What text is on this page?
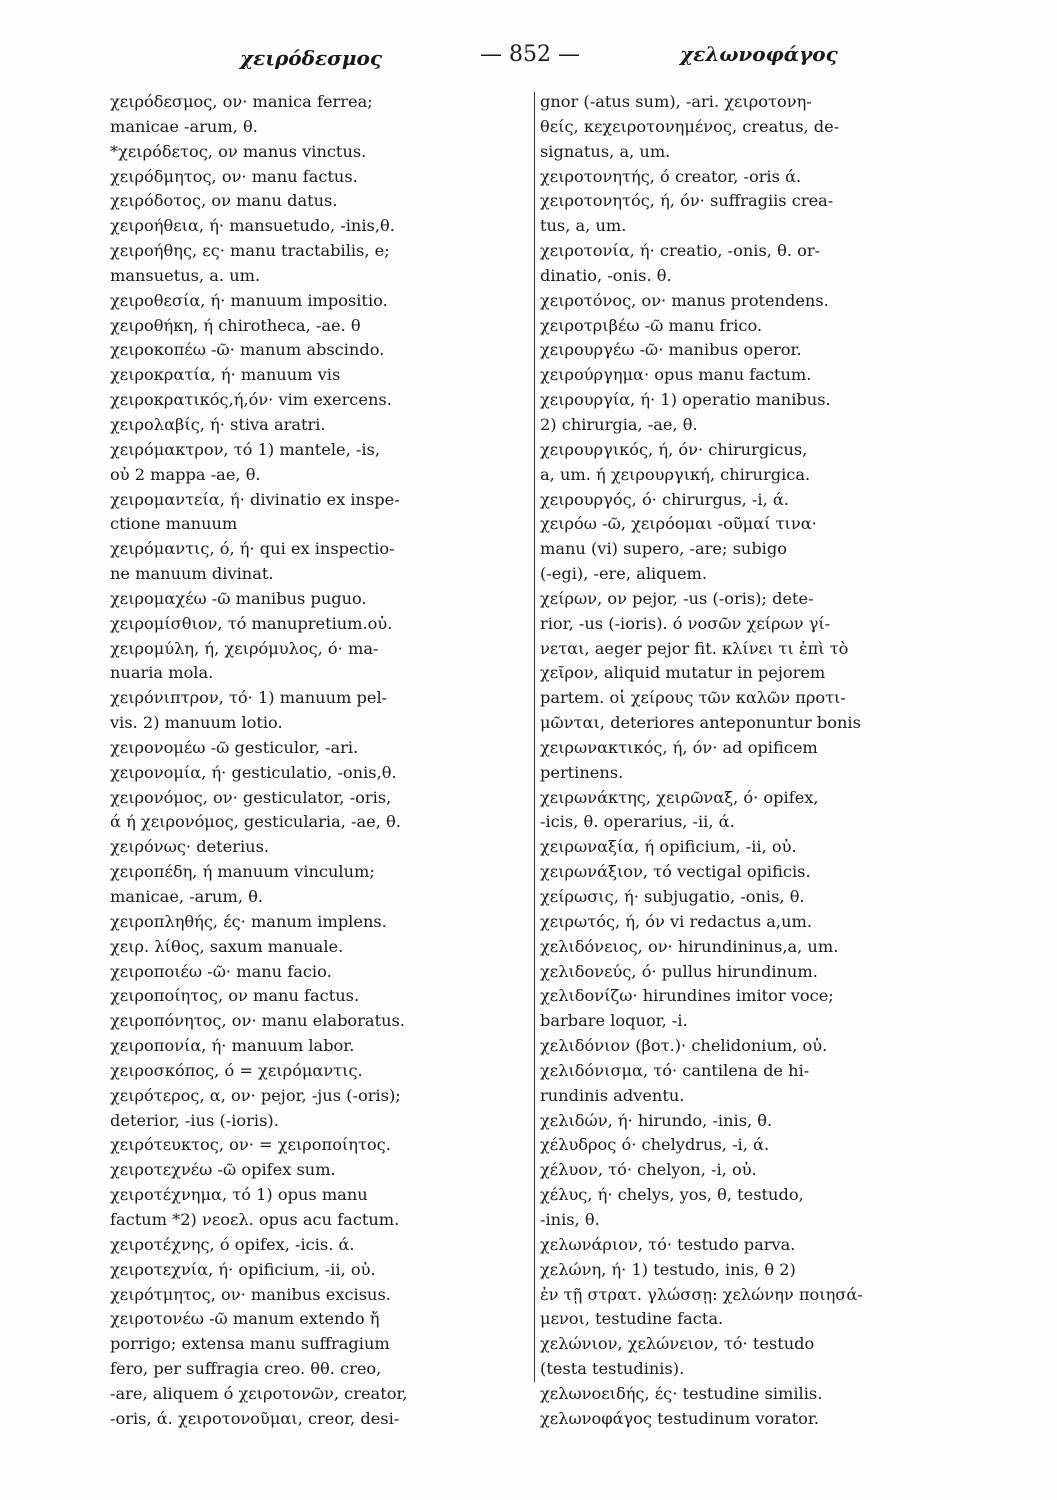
χειρόδεσμος	— 852 —	χελωνοφάγος
χειρόδεσμος, ον· manica ferrea;
manicae -arum, θ.
*χειρόδετος, ον manus vinctus.
χειρόδμητος, ον· manu factus.
χειρόδοτος, ον manu datus.
χειροήθεια, ή· mansuetudo, -inis,θ.
χειροήθης, ες· manu tractabilis, e;
mansuetus, a. um.
χειροθεσία, ή· manuum impositio.
χειροθήκη, ή chirotheca, -ae. θ
χειροκοπέω -ῶ· manum abscindo.
χειροκρατία, ή· manuum vis
χειροκρατικός,ή,όν· vim exercens.
χειρολαβίς, ή· stiva aratri.
χειρόμακτρον, τό 1) mantele, -is,
οὐ 2 mappa -ae, θ.
χειρομαντεία, ή· divinatio ex inspe-
ctione manuum
χειρόμαντις, ό, ή· qui ex inspectio-
ne manuum divinat.
χειρομαχέω -ῶ manibus puguo.
χειρομίσθιον, τό manupretium.οὐ.
χειρομύλη, ή, χειρόμυλος, ό· ma-
nuaria mola.
χειρόνιπτρον, τό· 1) manuum pel-
vis. 2) manuum lotio.
χειρονομέω -ῶ gesticulor, -ari.
χειρονομία, ή· gesticulatio, -onis,θ.
χειρονόμος, ον· gesticulator, -oris,
ά ή χειρονόμος, gesticularia, -ae, θ.
χειρόνως· deterius.
χειροπέδη, ή manuum vinculum;
manicae, -arum, θ.
χειροπληθής, ές· manum implens.
χειρ. λίθος, saxum manuale.
χειροποιέω -ῶ· manu facio.
χειροποίητος, ον manu factus.
χειροπόνητος, ον· manu elaboratus.
χειροπονία, ή· manuum labor.
χειροσκόπος, ό = χειρόμαντις.
χειρότερος, α, ον· pejor, -jus (-oris);
deterior, -ius (-ioris).
χειρότευκτος, ον· = χειροποίητος.
χειροτεχνέω -ῶ opifex sum.
χειροτέχνημα, τό 1) opus manu
factum *2) νεοελ. opus acu factum.
χειροτέχνης, ό opifex, -icis. ά.
χειροτεχνία, ή· opificium, -ii, οὐ.
χειρότμητος, ον· manibus excisus.
χειροτονέω -ῶ manum extendo ἤ
porrigo; extensa manu suffragium
fero, per suffragia creo. θθ. creo,
-are, aliquem ό χειροτονῶν, creator,
-oris, ά. χειροτονοῦμαι, creor, desi-
gnor (-atus sum), -ari. χειροτονη-
θείς, κεχειροτονημένος, creatus, de-
signatus, a, um.
χειροτονητής, ό creator, -oris ά.
χειροτονητός, ή, όν· suffragiis crea-
tus, a, um.
χειροτονία, ή· creatio, -onis, θ. or-
dinatio, -onis. θ.
χειροτόνος, ον· manus protendens.
χειροτριβέω -ῶ manu frico.
χειρουργέω -ῶ· manibus operor.
χειρούργημα· opus manu factum.
χειρουργία, ή· 1) operatio manibus.
2) chirurgia, -ae, θ.
χειρουργικός, ή, όν· chirurgicus,
a, um. ή χειρουργική, chirurgica.
χειρουργός, ό· chirurgus, -i, ά.
χειρόω -ῶ, χειρόομαι -οῦμαί τινα·
manu (vi) supero, -are; subigo
(-egi), -ere, aliquem.
χείρων, ον pejor, -us (-oris); dete-
rior, -us (-ioris). ό νοσῶν χείρων γί-
νεται, aeger pejor fit. κλίνει τι ἐπὶ τὸ
χεῖρον, aliquid mutatur in pejorem
partem. οἱ χείρους τῶν καλῶν προτι-
μῶνται, deteriores anteponuntur bonis
χειρωνακτικός, ή, όν· ad opificem
pertinens.
χειρωνάκτης, χειρῶναξ, ό· opifex,
-icis, θ. operarius, -ii, ά.
χειρωναξία, ή opificium, -ii, οὐ.
χειρωνάξιον, τό vectigal opificis.
χείρωσις, ή· subjugatio, -onis, θ.
χειρωτός, ή, όν vi redactus a,um.
χελιδόνειος, ον· hirundininus,a, um.
χελιδονεύς, ό· pullus hirundinum.
χελιδονίζω· hirundines imitor voce;
barbare loquor, -i.
χελιδόνιον (βοτ.)· chelidonium, οὐ.
χελιδόνισμα, τό· cantilena de hi-
rundinis adventu.
χελιδών, ή· hirundo, -inis, θ.
χέλυδρος ό· chelydrus, -i, ά.
χέλυον, τό· chelyon, -i, οὐ.
χέλυς, ή· chelys, yos, θ, testudo,
-inis, θ.
χελωνάριον, τό· testudo parva.
χελώνη, ή· 1) testudo, inis, θ 2)
ἐν τῇ στρατ. γλώσσῃ: χελώνην ποιησά-
μενοι, testudine facta.
χελώνιον, χελώνειον, τό· testudo
(testa testudinis).
χελωνοειδής, ές· testudine similis.
χελωνοφάγος testudinum vorator.
